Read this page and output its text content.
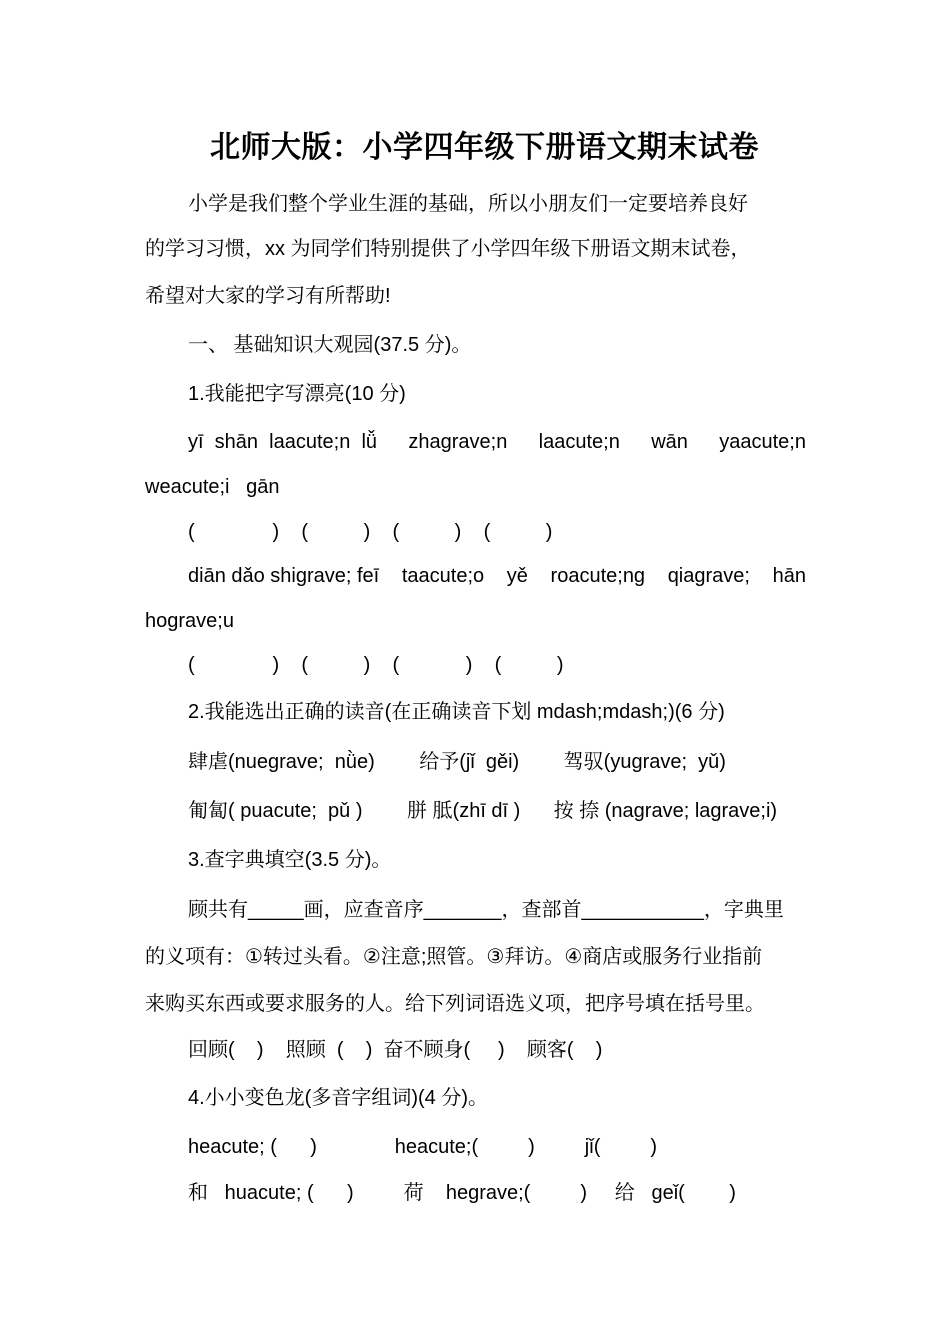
北师大版：小学四年级下册语文期末试卷
小学是我们整个学业生涯的基础，所以小朋友们一定要培养良好
的学习习惯，xx 为同学们特别提供了小学四年级下册语文期末试卷，
希望对大家的学习有所帮助!
一、 基础知识大观园(37.5 分)。
1.我能把字写漂亮(10 分)
yī  shān  laacute;n  lǚ zhagrave;n laacute;n wān yaacute;n
weacute;i   gān
(              )    (          )    (          )    (          )
diān dǎo shigrave; feī taacute;o yě roacute;ng qiagrave; hān
hograve;u
(              )    (          )    (            )    (          )
2.我能选出正确的读音(在正确读音下划 mdash;mdash;)(6 分)
肆虐(nuegrave;  nǜe)        给予(jǐ  gěi)        驾驭(yugrave;  yǔ)
匍匐( puacute;  pǔ )        胼 胝(zhī dī )      按 捺 (nagrave; lagrave;i)
3.查字典填空(3.5 分)。
顾共有_____画，应查音序_______，查部首___________，字典里
的义项有：①转过头看。②注意;照管。③拜访。④商店或服务行业指前
来购买东西或要求服务的人。给下列词语选义项，把序号填在括号里。
回顾(    )    照顾  (    )  奋不顾身(     )    顾客(    )
4.小小变色龙(多音字组词)(4 分)。
heacute; (      )              heacute;(         )         jǐ(         )
和   huacute; (      )         荷    hegrave;(         )     给   geǐ(        )
